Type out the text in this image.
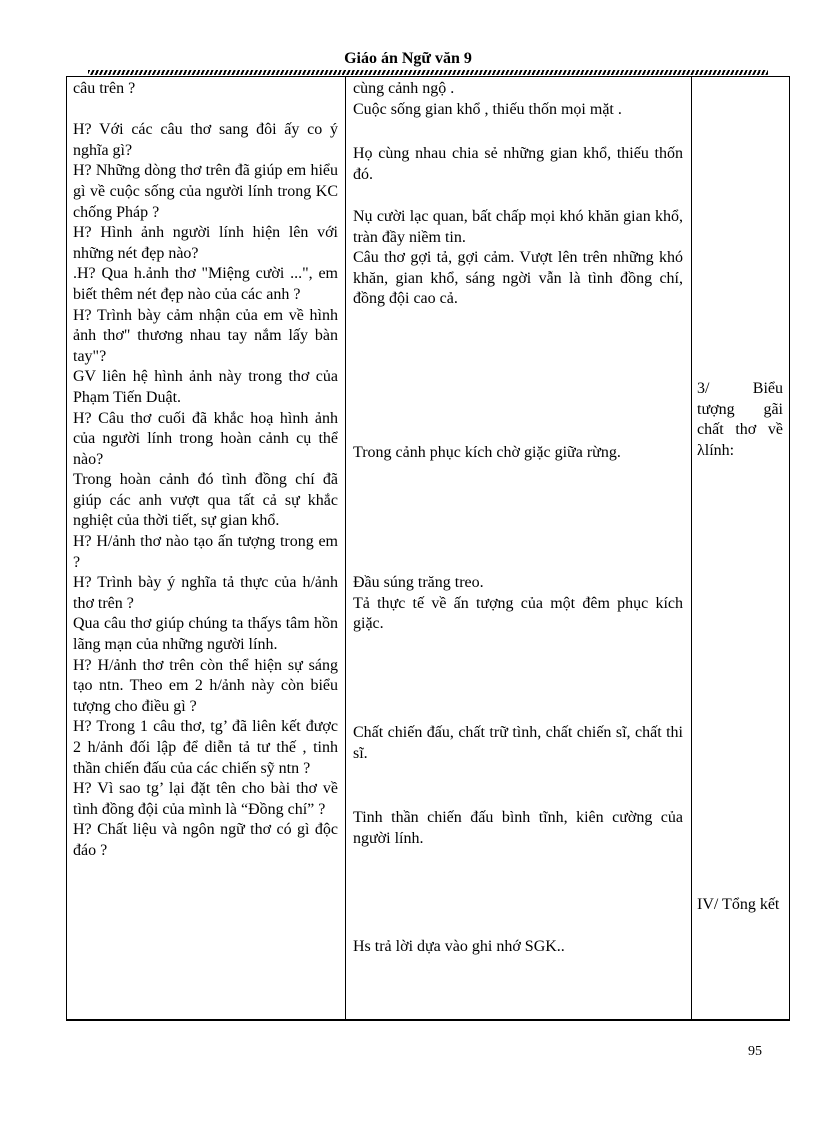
Giáo án Ngữ văn 9

câu trên ?

H? Với các câu thơ sang đôi ấy co ý nghĩa gì?

H? Những dòng thơ trên đã giúp em hiểu gì về cuộc sống của người lính trong KC chống Pháp ?

H? Hình ảnh người lính hiện lên với những nét đẹp nào?

.H? Qua h.ảnh thơ "Miệng cười ...", em biết thêm nét đẹp nào của các anh ?

H? Trình bày cảm nhận của em về hình ảnh thơ" thương nhau tay nắm lấy bàn tay"?

GV liên hệ hình ảnh này trong thơ của Phạm Tiến Duật.

H? Câu thơ cuối đã khắc hoạ hình ảnh của người lính trong hoàn cảnh cụ thể nào?

Trong hoàn cảnh đó tình đồng chí đã giúp các anh vượt qua tất cả sự khắc nghiệt của thời tiết, sự gian khổ.

H? H/ảnh thơ nào tạo ấn tượng trong em ?

H? Trình bày ý nghĩa tả thực của h/ảnh thơ trên ?

Qua câu thơ giúp chúng ta thấys tâm hồn lãng mạn của những người lính.

H? H/ảnh thơ trên còn thể hiện sự sáng tạo ntn. Theo em 2 h/ảnh này còn biểu tượng cho điều gì ?

H? Trong 1 câu thơ, tg’ đã liên kết được 2 h/ảnh đối lập để diễn tả tư thế , tinh thần chiến đấu của các chiến sỹ ntn ?

H? Vì sao tg’ lại đặt tên cho bài thơ về tình đồng đội của mình là “Đồng chí” ?

H? Chất liệu và ngôn ngữ thơ có gì độc đáo ?

cùng cảnh ngộ .

Cuộc sống gian khổ , thiếu thốn mọi mặt .

Họ cùng nhau chia sẻ những gian khổ, thiếu thốn đó.

Nụ cười lạc quan, bất chấp mọi khó khăn gian khổ, tràn đầy niềm tin.

Câu thơ gợi tả, gợi cảm. Vượt lên trên những khó khăn, gian khổ, sáng ngời vẫn là tình đồng chí, đồng đội cao cả.

Trong cảnh phục kích chờ giặc giữa rừng.

Đầu súng trăng treo.

Tả thực tế về ấn tượng của một đêm phục kích giặc.

Chất chiến đấu, chất trữ tình, chất chiến sĩ, chất thi sĩ.

Tinh thần chiến đấu bình tĩnh, kiên cường của người lính.

Hs trả lời dựa vào ghi nhớ SGK..

3/ Biểu tượng gãi chất thơ về λlính:

IV/ Tổng kết

95
